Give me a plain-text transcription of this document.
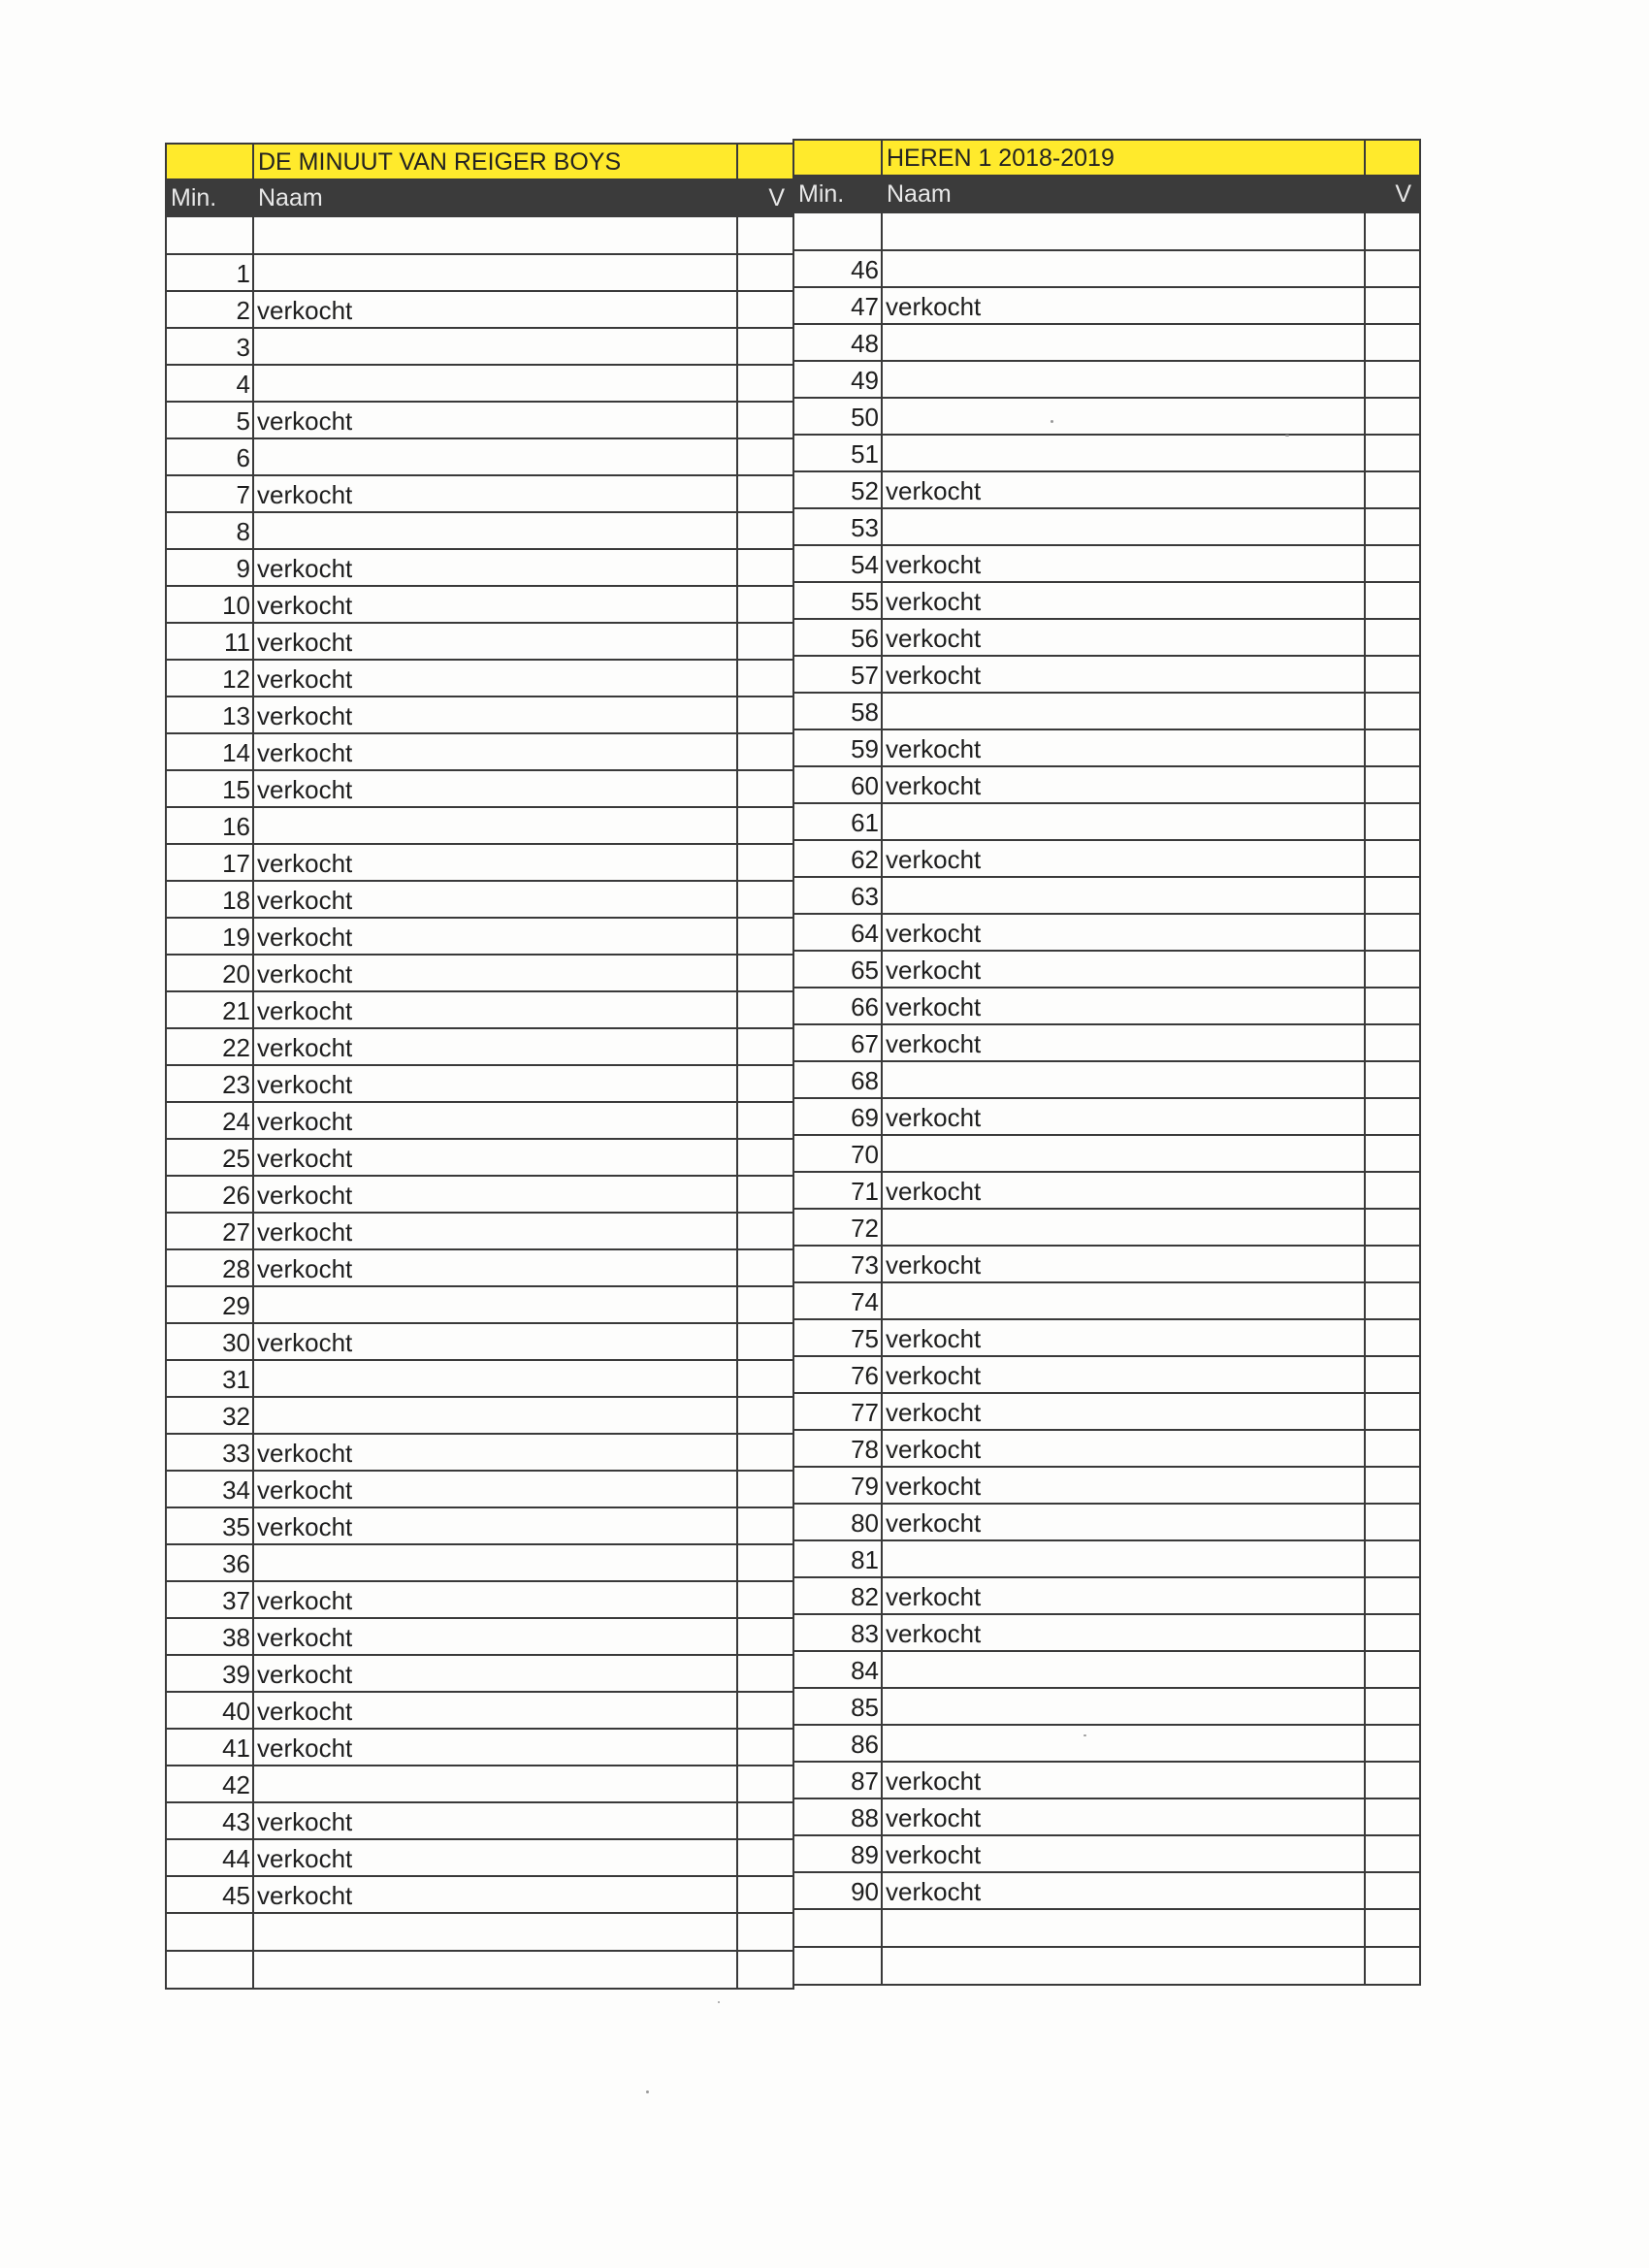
	DE MINUUT VAN REIGER BOYS	
Min.	Naam	V

1		
2	verkocht	
3		
4		
5	verkocht	
6		
7	verkocht	
8		
9	verkocht	
10	verkocht	
11	verkocht	
12	verkocht	
13	verkocht	
14	verkocht	
15	verkocht	
16		
17	verkocht	
18	verkocht	
19	verkocht	
20	verkocht	
21	verkocht	
22	verkocht	
23	verkocht	
24	verkocht	
25	verkocht	
26	verkocht	
27	verkocht	
28	verkocht	
29		
30	verkocht	
31		
32		
33	verkocht	
34	verkocht	
35	verkocht	
36		
37	verkocht	
38	verkocht	
39	verkocht	
40	verkocht	
41	verkocht	
42		
43	verkocht	
44	verkocht	
45	verkocht	

	HEREN 1 2018-2019	
Min.	Naam	V

46		
47	verkocht	
48		
49		
50		
51		
52	verkocht	
53		
54	verkocht	
55	verkocht	
56	verkocht	
57	verkocht	
58		
59	verkocht	
60	verkocht	
61		
62	verkocht	
63		
64	verkocht	
65	verkocht	
66	verkocht	
67	verkocht	
68		
69	verkocht	
70		
71	verkocht	
72		
73	verkocht	
74		
75	verkocht	
76	verkocht	
77	verkocht	
78	verkocht	
79	verkocht	
80	verkocht	
81		
82	verkocht	
83	verkocht	
84		
85		
86		
87	verkocht	
88	verkocht	
89	verkocht	
90	verkocht	
